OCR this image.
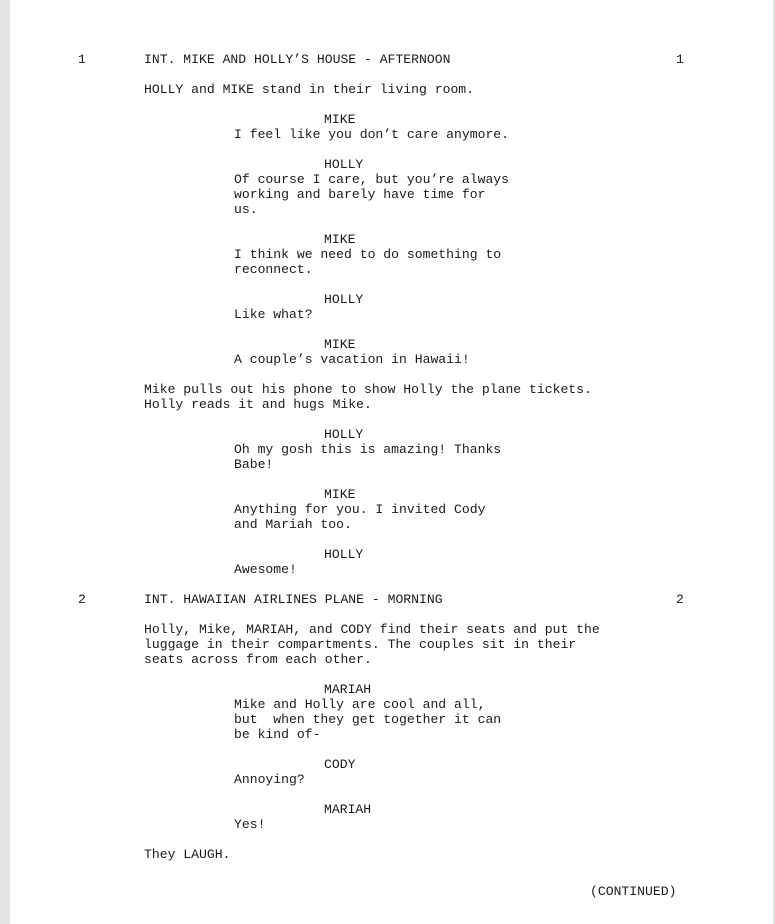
1	INT. MIKE AND HOLLY’S HOUSE - AFTERNOON	1
HOLLY and MIKE stand in their living room.
MIKE
I feel like you don’t care anymore.
HOLLY
Of course I care, but you’re always
working and barely have time for
us.
MIKE
I think we need to do something to
reconnect.
HOLLY
Like what?
MIKE
A couple’s vacation in Hawaii!
Mike pulls out his phone to show Holly the plane tickets.
Holly reads it and hugs Mike.
HOLLY
Oh my gosh this is amazing! Thanks
Babe!
MIKE
Anything for you. I invited Cody
and Mariah too.
HOLLY
Awesome!
2	INT. HAWAIIAN AIRLINES PLANE - MORNING	2
Holly, Mike, MARIAH, and CODY find their seats and put the
luggage in their compartments. The couples sit in their
seats across from each other.
MARIAH
Mike and Holly are cool and all,
but  when they get together it can
be kind of-
CODY
Annoying?
MARIAH
Yes!
They LAUGH.
(CONTINUED)
